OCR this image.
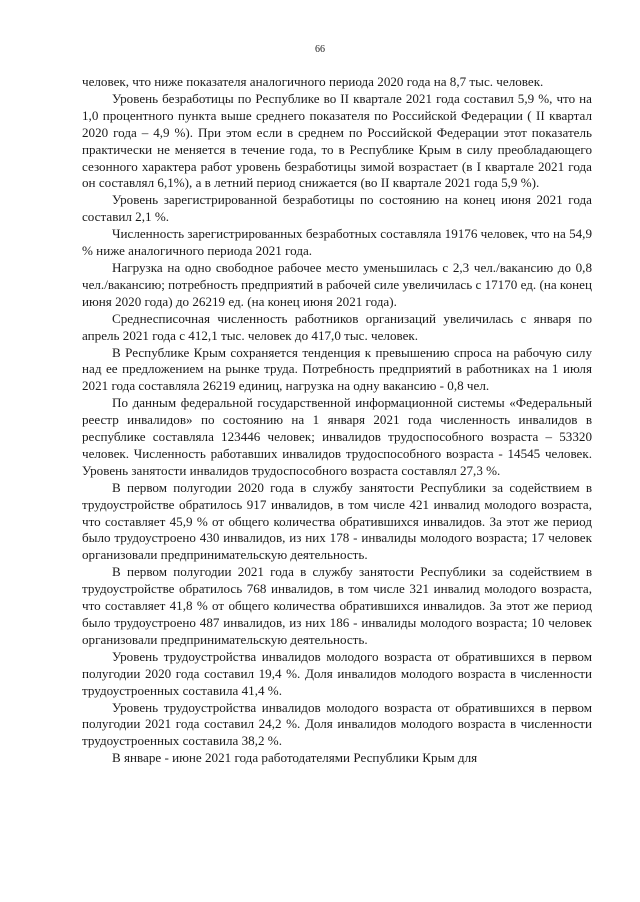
66

человек, что ниже показателя аналогичного периода 2020 года на 8,7 тыс. человек.

Уровень безработицы по Республике во II квартале 2021 года составил 5,9 %, что на 1,0 процентного пункта выше среднего показателя по Российской Федерации ( II квартал 2020 года – 4,9 %). При этом если в среднем по Российской Федерации этот показатель практически не меняется в течение года, то в Республике Крым в силу преобладающего сезонного характера работ уровень безработицы зимой возрастает (в I квартале 2021 года он составлял 6,1%), а в летний период снижается (во II квартале 2021 года 5,9 %).

Уровень зарегистрированной безработицы по состоянию на конец июня 2021 года составил 2,1 %.

Численность зарегистрированных безработных составляла 19176 человек, что на 54,9 % ниже аналогичного периода 2021 года.

Нагрузка на одно свободное рабочее место уменьшилась с 2,3 чел./вакансию до 0,8 чел./вакансию; потребность предприятий в рабочей силе увеличилась с 17170 ед. (на конец июня 2020 года) до 26219 ед. (на конец июня 2021 года).

Среднесписочная численность работников организаций увеличилась с января по апрель 2021 года с 412,1 тыс. человек до 417,0 тыс. человек.

В Республике Крым сохраняется тенденция к превышению спроса на рабочую силу над ее предложением на рынке труда. Потребность предприятий в работниках на 1 июля 2021 года составляла 26219 единиц, нагрузка на одну вакансию - 0,8 чел.

По данным федеральной государственной информационной системы «Федеральный реестр инвалидов» по состоянию на 1 января 2021 года численность инвалидов в республике составляла 123446 человек; инвалидов трудоспособного возраста – 53320 человек. Численность работавших инвалидов трудоспособного возраста - 14545 человек. Уровень занятости инвалидов трудоспособного возраста составлял 27,3 %.

В первом полугодии 2020 года в службу занятости Республики за содействием в трудоустройстве обратилось 917 инвалидов, в том числе 421 инвалид молодого возраста, что составляет 45,9 % от общего количества обратившихся инвалидов. За этот же период было трудоустроено 430 инвалидов, из них 178 - инвалиды молодого возраста; 17 человек организовали предпринимательскую деятельность.

В первом полугодии 2021 года в службу занятости Республики за содействием в трудоустройстве обратилось 768 инвалидов, в том числе 321 инвалид молодого возраста, что составляет 41,8 % от общего количества обратившихся инвалидов. За этот же период было трудоустроено 487 инвалидов, из них 186 - инвалиды молодого возраста; 10 человек организовали предпринимательскую деятельность.

Уровень трудоустройства инвалидов молодого возраста от обратившихся в первом полугодии 2020 года составил 19,4 %. Доля инвалидов молодого возраста в численности трудоустроенных составила 41,4 %.

Уровень трудоустройства инвалидов молодого возраста от обратившихся в первом полугодии 2021 года составил 24,2 %. Доля инвалидов молодого возраста в численности трудоустроенных составила 38,2 %.

В январе - июне 2021 года работодателями Республики Крым для
